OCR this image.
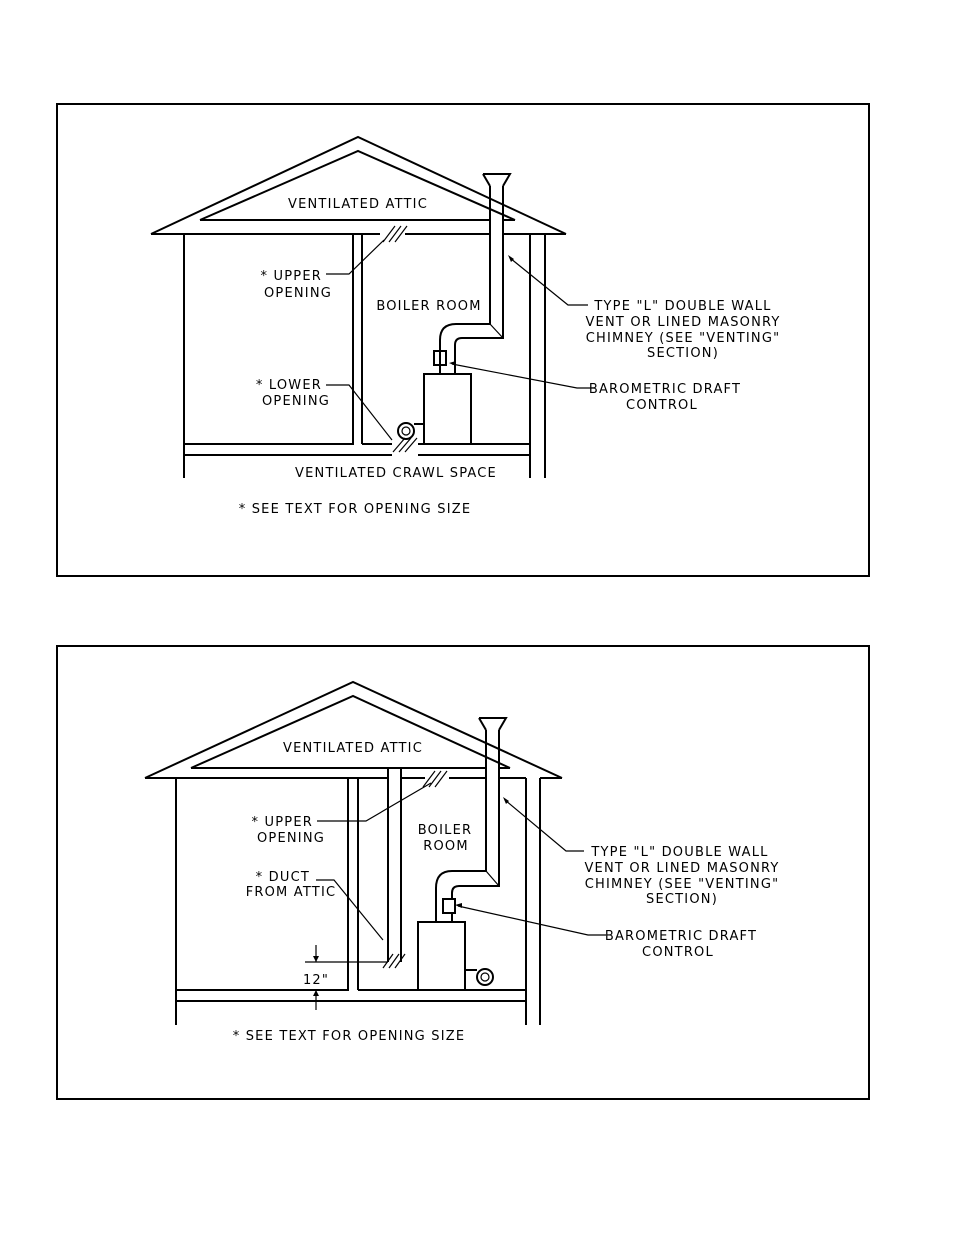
VENTILATED ATTIC
* UPPER
OPENING
* LOWER
OPENING
BOILER ROOM	TYPE "L" DOUBLE WALL
VENT OR LINED MASONRY
CHIMNEY (SEE "VENTING"
SECTION)
BAROMETRIC DRAFT
CONTROL
VENTILATED CRAWL SPACE
* SEE TEXT FOR OPENING SIZE
VENTILATED ATTIC
* UPPER
OPENING
* DUCT
FROM ATTIC
BOILER
ROOM	TYPE "L" DOUBLE WALL
VENT OR LINED MASONRY
CHIMNEY (SEE "VENTING"
SECTION)
BAROMETRIC DRAFT
CONTROL
12"
* SEE TEXT FOR OPENING SIZE
